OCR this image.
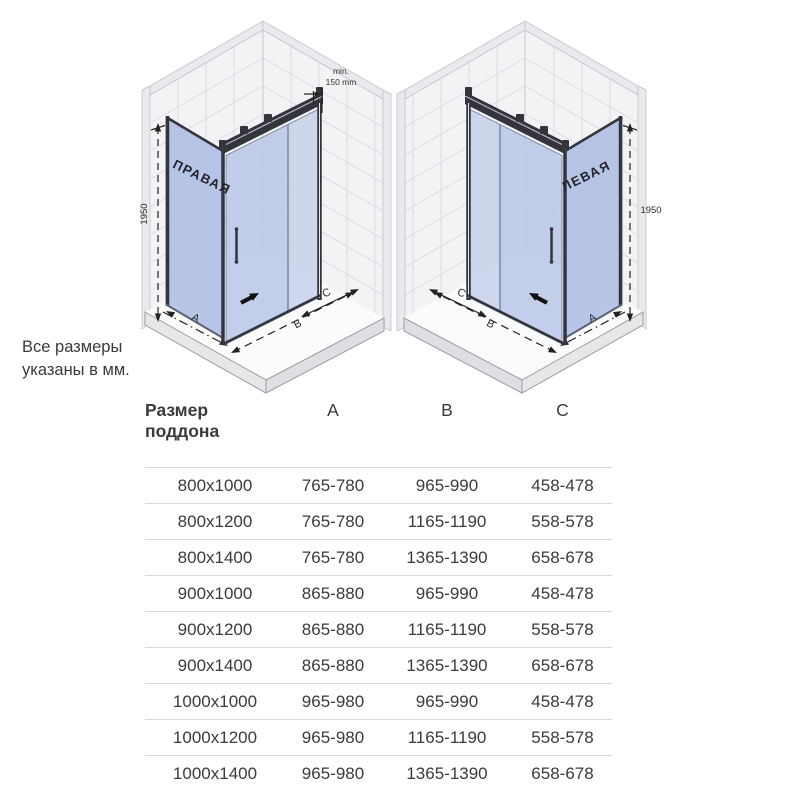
min.
150 mm
ПРАВАЯ
1950
A	B
C
ЛЕВАЯ
1950
C
B	A
Все размеры
указаны в мм.
Размер поддона	A	B	C
800x1000	765-780	965-990	458-478
800x1200	765-780	1165-1190	558-578
800x1400	765-780	1365-1390	658-678
900x1000	865-880	965-990	458-478
900x1200	865-880	1165-1190	558-578
900x1400	865-880	1365-1390	658-678
1000x1000	965-980	965-990	458-478
1000x1200	965-980	1165-1190	558-578
1000x1400	965-980	1365-1390	658-678
